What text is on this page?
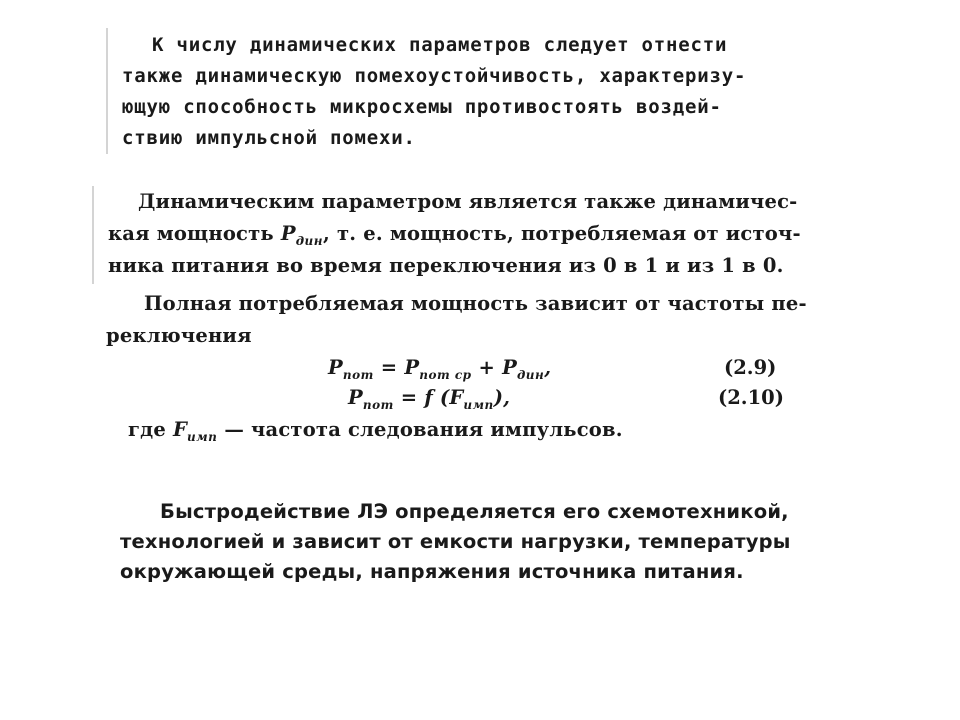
К числу динамических параметров следует отнести
также динамическую помехоустойчивость, характеризу-
ющую способность микросхемы противостоять воздей-
ствию импульсной помехи.
Динамическим параметром является также динамичес-
кая мощность $P_{дин}$, т. е. мощность, потребляемая от источ-
ника питания во время переключения из 0 в 1 и из 1 в 0.
Полная потребляемая мощность зависит от частоты пе-
реключения
$P_{пот} = P_{пот ср} + P_{дин}$,	(2.9)
$P_{пот} = f$ $(F_{имп})$,	(2.10)
где $F_{имп}$ — частота следования импульсов.
Быстродействие ЛЭ определяется его схемотехникой,
технологией и зависит от емкости нагрузки, температуры
окружающей среды, напряжения источника питания.
